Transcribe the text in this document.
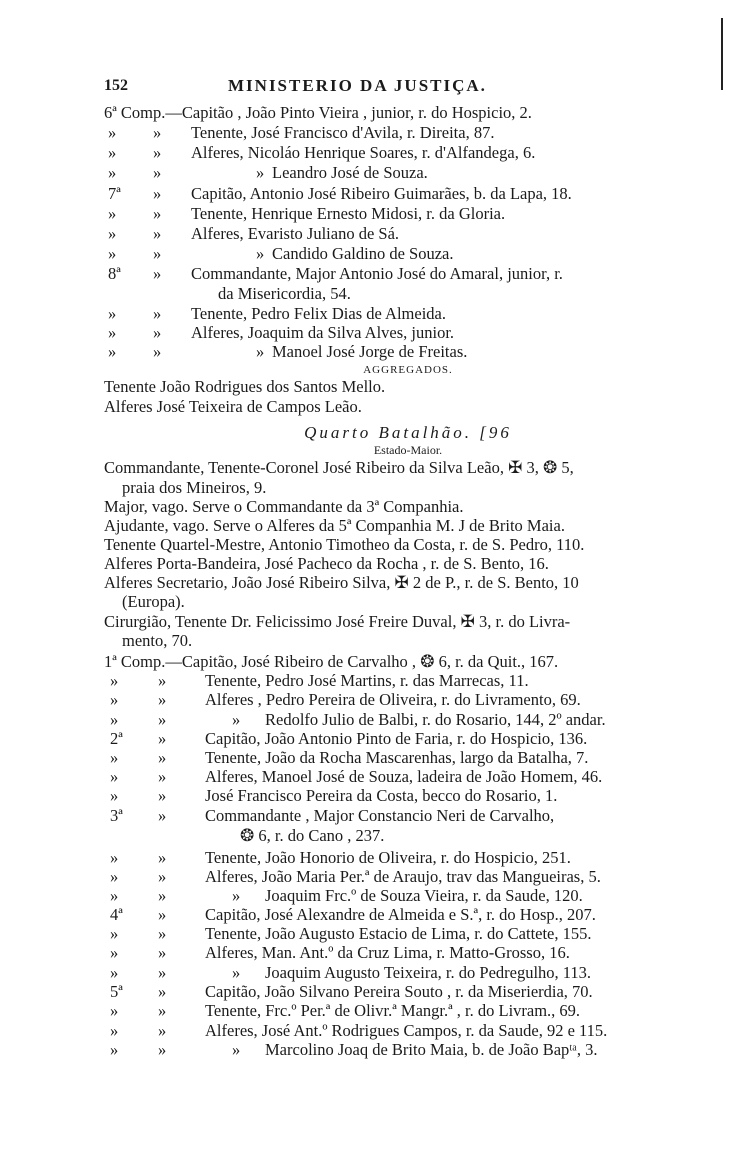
152	MINISTERIO DA JUSTIÇA.
6ª Comp.—Capitão , João Pinto Vieira , junior, r. do Hospicio, 2.
» » Tenente, José Francisco d'Avila, r. Direita, 87.
» » Alferes, Nicoláo Henrique Soares, r. d'Alfandega, 6.
» »	» Leandro José de Souza.
7ª » Capitão, Antonio José Ribeiro Guimarães, b. da Lapa, 18.
» » Tenente, Henrique Ernesto Midosi, r. da Gloria.
» » Alferes, Evaristo Juliano de Sá.
» »	» Candido Galdino de Souza.
8ª » Commandante, Major Antonio José do Amaral, junior, r.
da Misericordia, 54.
» » Tenente, Pedro Felix Dias de Almeida.
» » Alferes, Joaquim da Silva Alves, junior.
» »	» Manoel José Jorge de Freitas.
AGGREGADOS.
Tenente João Rodrigues dos Santos Mello.
Alferes José Teixeira de Campos Leão.
Quarto Batalhão. [96
Estado-Maior.
Commandante, Tenente-Coronel José Ribeiro da Silva Leão, ✠ 3, ❂ 5,
praia dos Mineiros, 9.
Major, vago. Serve o Commandante da 3ª Companhia.
Ajudante, vago. Serve o Alferes da 5ª Companhia M. J de Brito Maia.
Tenente Quartel-Mestre, Antonio Timotheo da Costa, r. de S. Pedro, 110.
Alferes Porta-Bandeira, José Pacheco da Rocha , r. de S. Bento, 16.
Alferes Secretario, João José Ribeiro Silva, ✠ 2 de P., r. de S. Bento, 10
(Europa).
Cirurgião, Tenente Dr. Felicissimo José Freire Duval, ✠ 3, r. do Livra-
mento, 70.
1ª Comp.—Capitão, José Ribeiro de Carvalho , ❂ 6, r. da Quit., 167.
» » Tenente, Pedro José Martins, r. das Marrecas, 11.
» » Alferes , Pedro Pereira de Oliveira, r. do Livramento, 69.
» »	» Redolfo Julio de Balbi, r. do Rosario, 144, 2º andar.
2ª » Capitão, João Antonio Pinto de Faria, r. do Hospicio, 136.
» » Tenente, João da Rocha Mascarenhas, largo da Batalha, 7.
» » Alferes, Manoel José de Souza, ladeira de João Homem, 46.
» » José Francisco Pereira da Costa, becco do Rosario, 1.
3ª » Commandante , Major Constancio Neri de Carvalho,
❂ 6, r. do Cano , 237.
» » Tenente, João Honorio de Oliveira, r. do Hospicio, 251.
» » Alferes, João Maria Per.ª de Araujo, trav das Mangueiras, 5.
» »	» Joaquim Frc.º de Souza Vieira, r. da Saude, 120.
4ª » Capitão, José Alexandre de Almeida e S.ª, r. do Hosp., 207.
» » Tenente, João Augusto Estacio de Lima, r. do Cattete, 155.
» » Alferes, Man. Ant.º da Cruz Lima, r. Matto-Grosso, 16.
» »	» Joaquim Augusto Teixeira, r. do Pedregulho, 113.
5ª » Capitão, João Silvano Pereira Souto , r. da Miserierdia, 70.
» » Tenente, Frc.º Per.ª de Olivr.ª Mangr.ª , r. do Livram., 69.
» » Alferes, José Ant.º Rodrigues Campos, r. da Saude, 92 e 115.
» »	» Marcolino Joaq de Brito Maia, b. de João Bapᵗᵃ, 3.
